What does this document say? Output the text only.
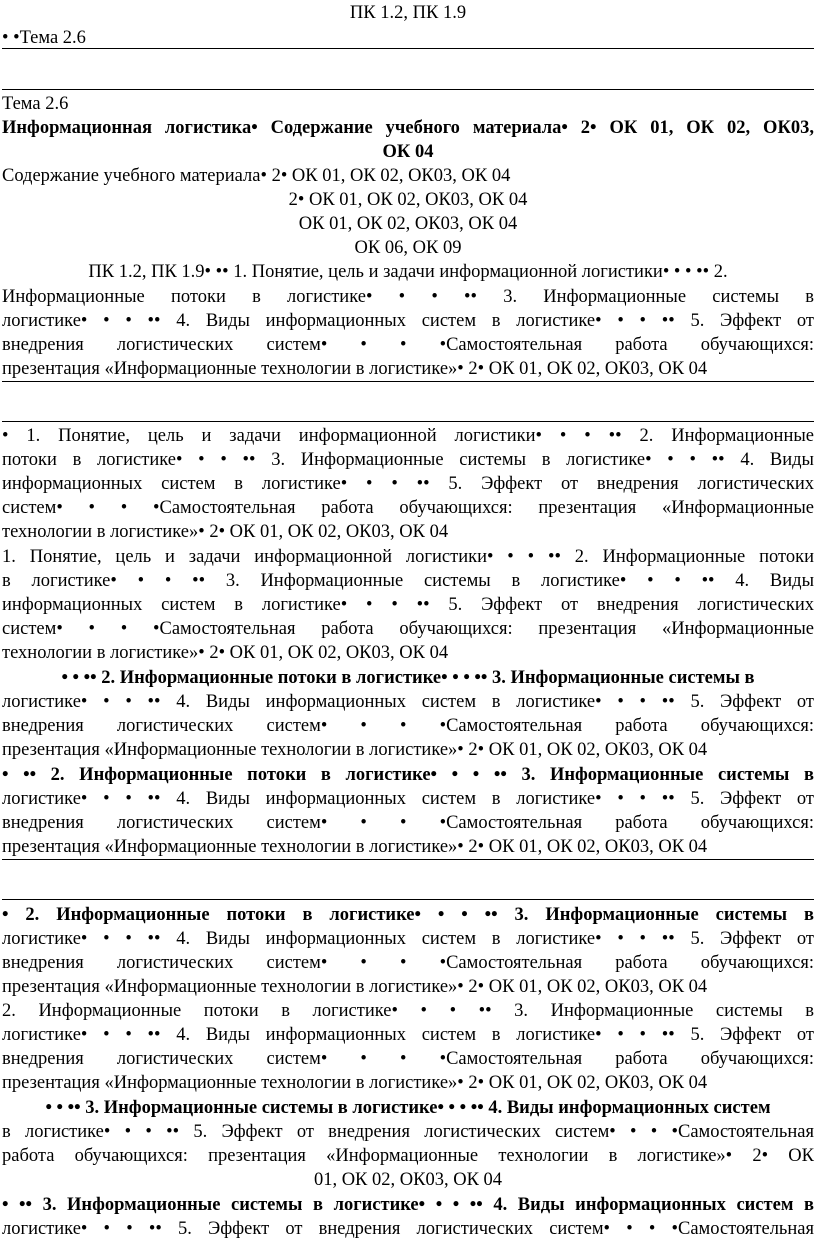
ПК 1.2, ПК 1.9
• •Тема 2.6
Тема 2.6
Информационная логистика• Содержание учебного материала• 2• ОК 01, ОК 02, ОК03,
ОК 04
Содержание учебного материала• 2• ОК 01, ОК 02, ОК03, ОК 04
2• ОК 01, ОК 02, ОК03, ОК 04
ОК 01, ОК 02, ОК03, ОК 04
ОК 06, ОК 09
ПК 1.2, ПК 1.9• •• 1. Понятие, цель и задачи информационной логистики• • • •• 2.
Информационные потоки в логистике• • • •• 3. Информационные системы в
логистике• • • •• 4. Виды информационных систем в логистике• • • •• 5. Эффект от
внедрения логистических систем• • • •Самостоятельная работа обучающихся:
презентация «Информационные технологии в логистике»• 2• ОК 01, ОК 02, ОК03, ОК 04
• 1. Понятие, цель и задачи информационной логистики• • • •• 2. Информационные
потоки в логистике• • • •• 3. Информационные системы в логистике• • • •• 4. Виды
информационных систем в логистике• • • •• 5. Эффект от внедрения логистических
систем• • • •Самостоятельная работа обучающихся: презентация «Информационные
технологии в логистике»• 2• ОК 01, ОК 02, ОК03, ОК 04
1. Понятие, цель и задачи информационной логистики• • • •• 2. Информационные потоки
в логистике• • • •• 3. Информационные системы в логистике• • • •• 4. Виды
информационных систем в логистике• • • •• 5. Эффект от внедрения логистических
систем• • • •Самостоятельная работа обучающихся: презентация «Информационные
технологии в логистике»• 2• ОК 01, ОК 02, ОК03, ОК 04
• • •• 2. Информационные потоки в логистике• • • •• 3. Информационные системы в
логистике• • • •• 4. Виды информационных систем в логистике• • • •• 5. Эффект от
внедрения логистических систем• • • •Самостоятельная работа обучающихся:
презентация «Информационные технологии в логистике»• 2• ОК 01, ОК 02, ОК03, ОК 04
• •• 2. Информационные потоки в логистике• • • •• 3. Информационные системы в
логистике• • • •• 4. Виды информационных систем в логистике• • • •• 5. Эффект от
внедрения логистических систем• • • •Самостоятельная работа обучающихся:
презентация «Информационные технологии в логистике»• 2• ОК 01, ОК 02, ОК03, ОК 04
• 2. Информационные потоки в логистике• • • •• 3. Информационные системы в
логистике• • • •• 4. Виды информационных систем в логистике• • • •• 5. Эффект от
внедрения логистических систем• • • •Самостоятельная работа обучающихся:
презентация «Информационные технологии в логистике»• 2• ОК 01, ОК 02, ОК03, ОК 04
2. Информационные потоки в логистике• • • •• 3. Информационные системы в
логистике• • • •• 4. Виды информационных систем в логистике• • • •• 5. Эффект от
внедрения логистических систем• • • •Самостоятельная работа обучающихся:
презентация «Информационные технологии в логистике»• 2• ОК 01, ОК 02, ОК03, ОК 04
• • •• 3. Информационные системы в логистике• • • •• 4. Виды информационных систем
в логистике• • • •• 5. Эффект от внедрения логистических систем• • • •Самостоятельная
работа обучающихся: презентация «Информационные технологии в логистике»• 2• ОК
01, ОК 02, ОК03, ОК 04
• •• 3. Информационные системы в логистике• • • •• 4. Виды информационных систем в
логистике• • • •• 5. Эффект от внедрения логистических систем• • • •Самостоятельная
